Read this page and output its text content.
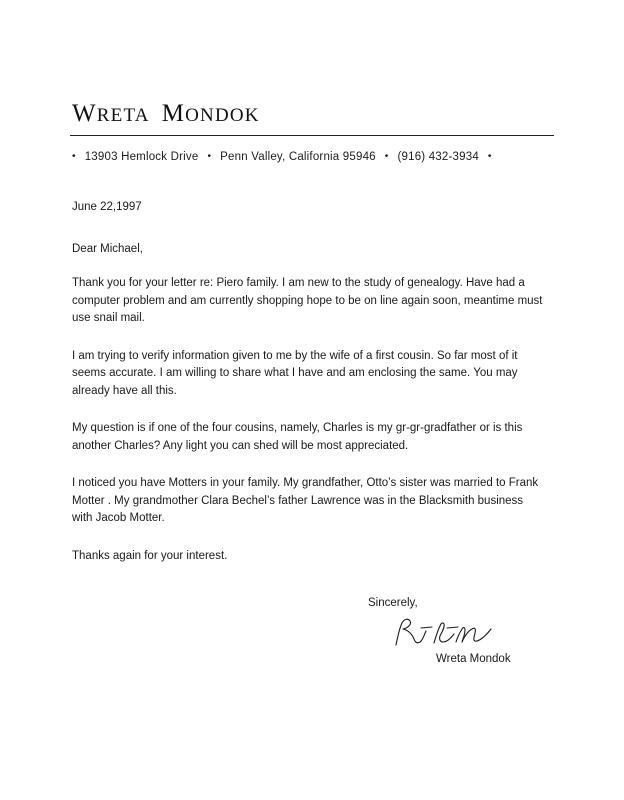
WRETA MONDOK
• 13903 Hemlock Drive • Penn Valley, California 95946 • (916) 432-3934 •
June 22,1997
Dear Michael,

Thank you for your letter re: Piero family. I am new to the study of genealogy. Have had a computer problem and am currently shopping hope to be on line again soon, meantime must use snail mail.

I am trying to verify information given to me by the wife of a first cousin. So far most of it seems accurate. I am willing to share what I have and am enclosing the same. You may already have all this.

My question is if one of the four cousins, namely, Charles is my gr-gr-gradfather or is this another Charles? Any light you can shed will be most appreciated.

I noticed you have Motters in your family. My grandfather, Otto’s sister was married to Frank Motter . My grandmother Clara Bechel’s father Lawrence was in the Blacksmith business with Jacob Motter.

Thanks again for your interest.

Sincerely,
Wreta Mondok
